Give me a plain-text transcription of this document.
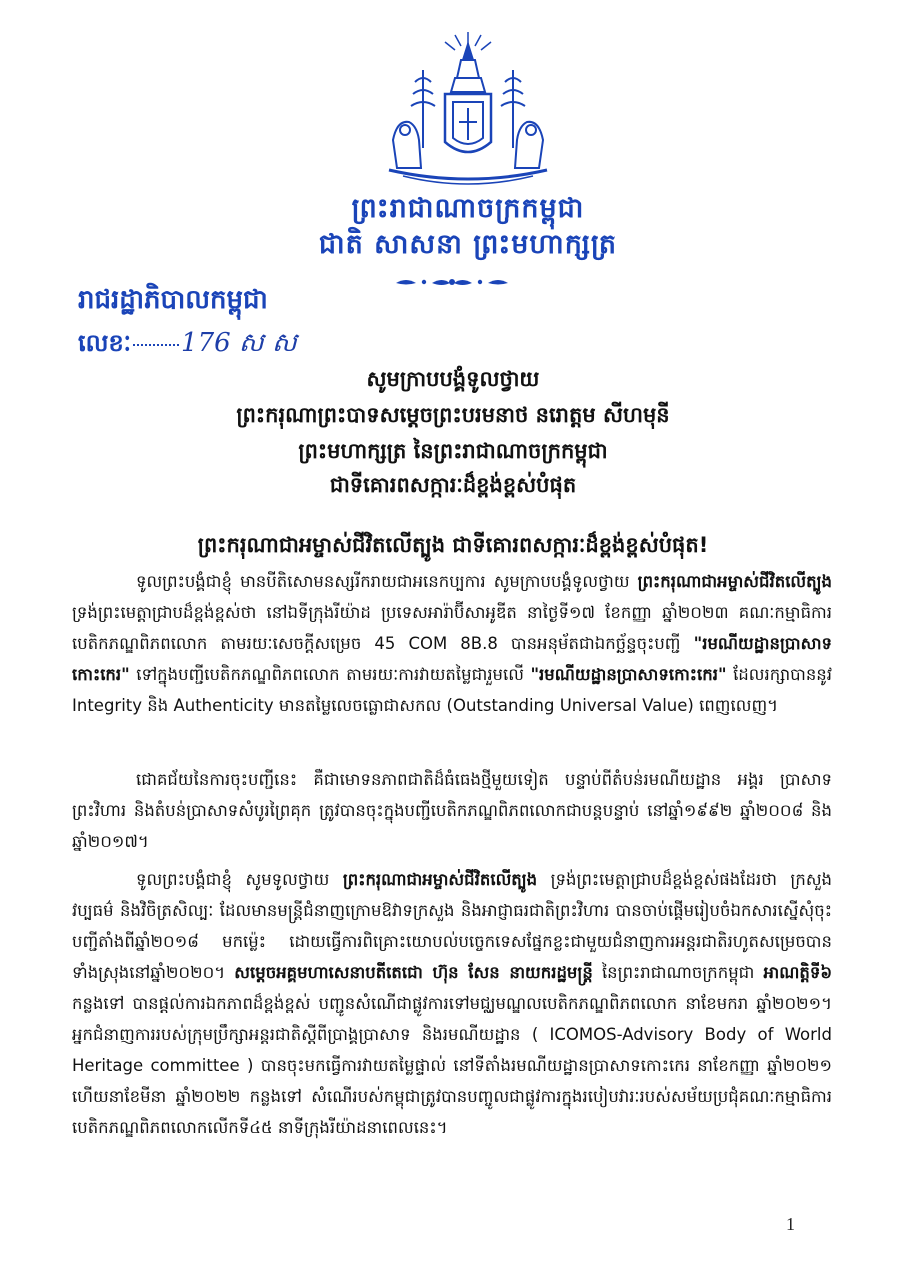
ព្រះរាជាណាចក្រកម្ពុជា
ជាតិ សាសនា ព្រះមហាក្សត្រ
រាជរដ្ឋាភិបាលកម្ពុជា
លេខៈ 176 ស ស
សូមក្រាបបង្គំទូលថ្វាយ
ព្រះករុណាព្រះបាទសម្តេចព្រះបរមនាថ នរោត្តម សីហមុនី
ព្រះមហាក្សត្រ នៃព្រះរាជាណាចក្រកម្ពុជា
ជាទីគោរពសក្ការៈដ៏ខ្ពង់ខ្ពស់បំផុត
ព្រះករុណាជាអម្ចាស់ជីវិតលើត្បូង ជាទីគោរពសក្ការៈដ៏ខ្ពង់ខ្ពស់បំផុត!
ទូលព្រះបង្គំជាខ្ញុំ មានបីតិសោមនស្សរីករាយជាអនេកប្បការ សូមក្រាបបង្គំទូលថ្វាយ ព្រះករុណាជាអម្ចាស់ជីវិតលើត្បូង ទ្រង់ព្រះមេត្តាជ្រាបដ៏ខ្ពង់ខ្ពស់ថា នៅឯទីក្រុងរីយ៉ាដ ប្រទេសអារ៉ាប៊ីសាអូឌីត នាថ្ងៃទី១៧ ខែកញ្ញា ឆ្នាំ២០២៣ គណៈកម្មាធិការបេតិកភណ្ឌពិភពលោក តាមរយៈសេចក្តីសម្រេច 45 COM 8B.8 បានអនុម័តជាឯកច្ឆ័ន្ទចុះបញ្ជី "រមណីយដ្ឋានប្រាសាទកោះកេរ" ទៅក្នុងបញ្ជីបេតិកភណ្ឌពិភពលោក តាមរយៈការវាយតម្លៃជារួមលើ "រមណីយដ្ឋានប្រាសាទកោះកេរ" ដែលរក្សាបាននូវ Integrity និង Authenticity មានតម្លៃលេចធ្លោជាសកល (Outstanding Universal Value) ពេញលេញ។
ជោគជ័យនៃការចុះបញ្ជីនេះ គឺជាមោទនភាពជាតិដ៏ធំធេងថ្មីមួយទៀត បន្ទាប់ពីតំបន់រមណីយដ្ឋាន អង្គរ ប្រាសាទព្រះវិហារ និងតំបន់ប្រាសាទសំបូរព្រៃគុក ត្រូវបានចុះក្នុងបញ្ជីបេតិកភណ្ឌពិភពលោកជាបន្តបន្ទាប់ នៅឆ្នាំ១៩៩២ ឆ្នាំ២០០៨ និងឆ្នាំ២០១៧។
ទូលព្រះបង្គំជាខ្ញុំ សូមទូលថ្វាយ ព្រះករុណាជាអម្ចាស់ជីវិតលើត្បូង ទ្រង់ព្រះមេត្តាជ្រាបដ៏ខ្ពង់ខ្ពស់ផងដែរថា ក្រសួងវប្បធម៌ និងវិចិត្រសិល្បៈ ដែលមានមន្ត្រីជំនាញក្រោមឱវាទក្រសួង និងអាជ្ញាធរជាតិព្រះវិហារ បានចាប់ផ្តើមរៀបចំឯកសារស្នើសុំចុះបញ្ជីតាំងពីឆ្នាំ២០១៨ មកម្ល៉េះ ដោយធ្វើការពិគ្រោះយោបល់បច្ចេកទេសផ្នែកខ្លះជាមួយជំនាញការអន្តរជាតិរហូតសម្រេចបានទាំងស្រុងនៅឆ្នាំ២០២០។ សម្តេចអគ្គមហាសេនាបតីតេជោ ហ៊ុន សែន នាយករដ្ឋមន្ត្រី នៃព្រះរាជាណាចក្រកម្ពុជា អាណត្តិទី៦ កន្លងទៅ បានផ្តល់ការឯកភាពដ៏ខ្ពង់ខ្ពស់ បញ្ជូនសំណើជាផ្លូវការទៅមជ្ឈមណ្ឌលបេតិកភណ្ឌពិភពលោក នាខែមករា ឆ្នាំ២០២១។ អ្នកជំនាញការរបស់ក្រុមប្រឹក្សាអន្តរជាតិស្តីពីប្រាង្គប្រាសាទ និងរមណីយដ្ឋាន ( ICOMOS-Advisory Body of World Heritage committee ) បានចុះមកធ្វើការវាយតម្លៃផ្ទាល់ នៅទីតាំងរមណីយដ្ឋានប្រាសាទកោះកេរ នាខែកញ្ញា ឆ្នាំ២០២១ ហើយនាខែមីនា ឆ្នាំ២០២២ កន្លងទៅ សំណើរបស់កម្ពុជាត្រូវបានបញ្ចូលជាផ្លូវការក្នុងរបៀបវារៈរបស់សម័យប្រជុំគណៈកម្មាធិការបេតិកភណ្ឌពិភពលោកលើកទី៤៥ នាទីក្រុងរីយ៉ាដនាពេលនេះ។
1
